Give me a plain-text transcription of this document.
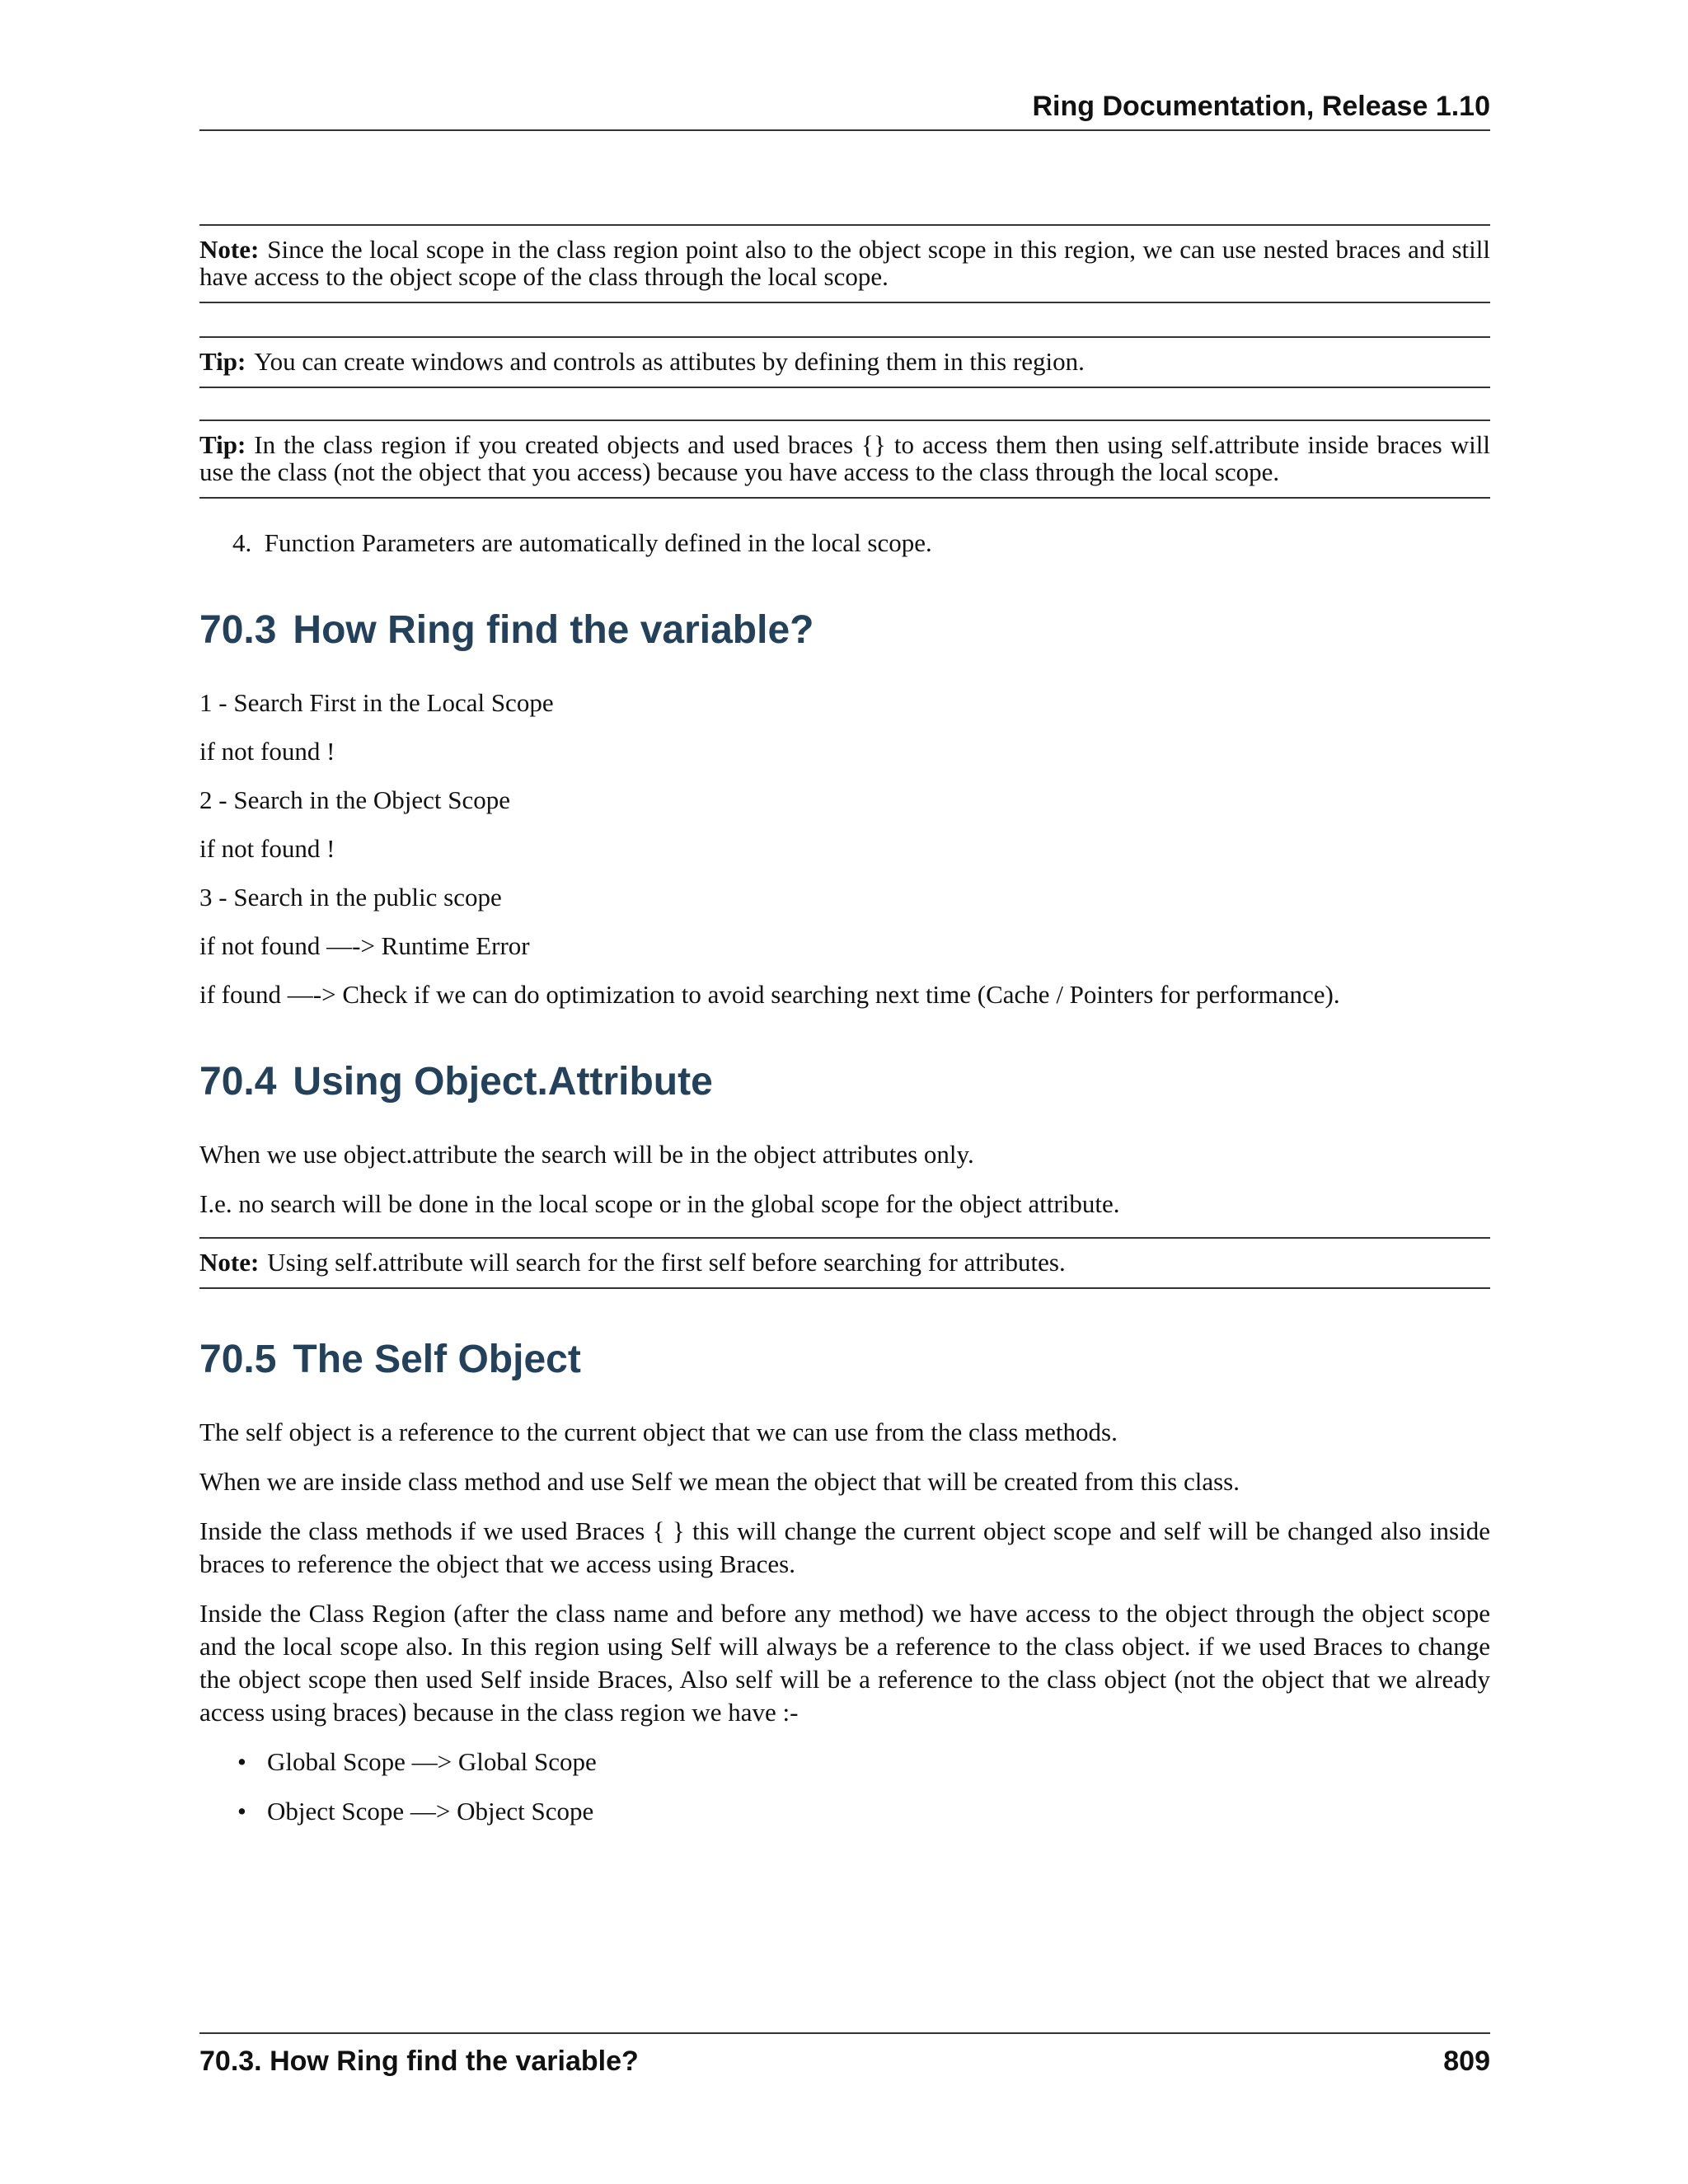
Ring Documentation, Release 1.10
Note: Since the local scope in the class region point also to the object scope in this region, we can use nested braces and still have access to the object scope of the class through the local scope.
Tip: You can create windows and controls as attibutes by defining them in this region.
Tip: In the class region if you created objects and used braces {} to access them then using self.attribute inside braces will use the class (not the object that you access) because you have access to the class through the local scope.
4. Function Parameters are automatically defined in the local scope.
70.3 How Ring find the variable?

1 - Search First in the Local Scope

if not found !

2 - Search in the Object Scope

if not found !

3 - Search in the public scope

if not found —-> Runtime Error

if found —-> Check if we can do optimization to avoid searching next time (Cache / Pointers for performance).

70.4 Using Object.Attribute

When we use object.attribute the search will be in the object attributes only.

I.e. no search will be done in the local scope or in the global scope for the object attribute.

Note: Using self.attribute will search for the first self before searching for attributes.
70.5 The Self Object

The self object is a reference to the current object that we can use from the class methods.

When we are inside class method and use Self we mean the object that will be created from this class.

Inside the class methods if we used Braces { } this will change the current object scope and self will be changed also inside braces to reference the object that we access using Braces.

Inside the Class Region (after the class name and before any method) we have access to the object through the object scope and the local scope also. In this region using Self will always be a reference to the class object. if we used Braces to change the object scope then used Self inside Braces, Also self will be a reference to the class object (not the object that we already access using braces) because in the class region we have :-

• Global Scope —> Global Scope
• Object Scope —> Object Scope
70.3. How Ring find the variable?	809
